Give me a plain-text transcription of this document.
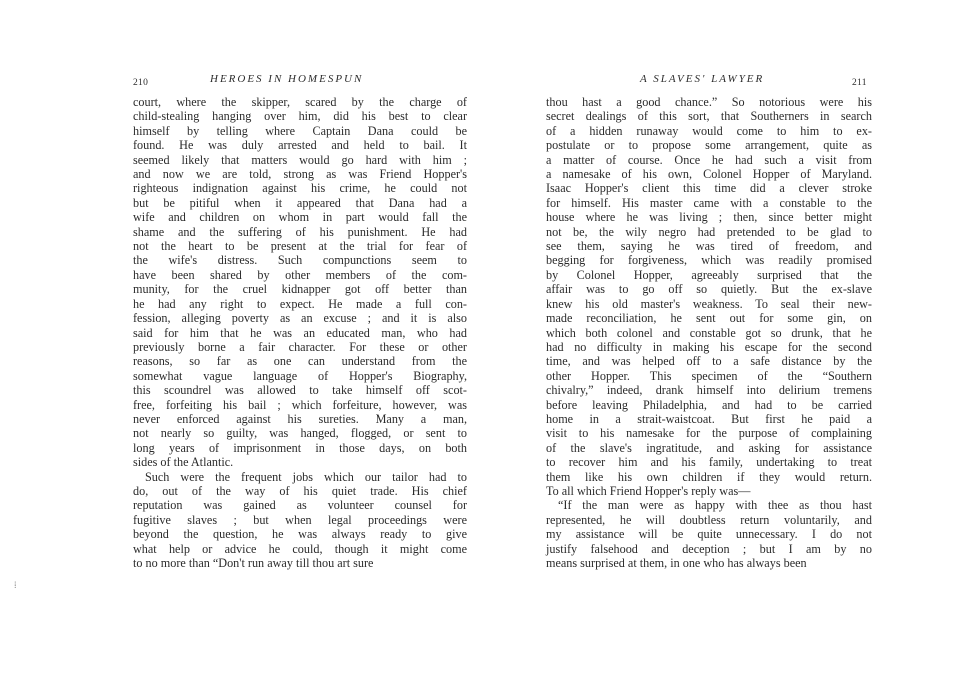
210	HEROES IN HOMESPUN
court, where the skipper, scared by the charge of
child-stealing hanging over him, did his best to clear
himself by telling where Captain Dana could be
found. He was duly arrested and held to bail. It
seemed likely that matters would go hard with him ;
and now we are told, strong as was Friend Hopper's
righteous indignation against his crime, he could not
but be pitiful when it appeared that Dana had a
wife and children on whom in part would fall the
shame and the suffering of his punishment. He had
not the heart to be present at the trial for fear of
the wife's distress. Such compunctions seem to
have been shared by other members of the com-
munity, for the cruel kidnapper got off better than
he had any right to expect. He made a full con-
fession, alleging poverty as an excuse ; and it is also
said for him that he was an educated man, who had
previously borne a fair character. For these or other
reasons, so far as one can understand from the
somewhat vague language of Hopper's Biography,
this scoundrel was allowed to take himself off scot-
free, forfeiting his bail ; which forfeiture, however, was
never enforced against his sureties. Many a man,
not nearly so guilty, was hanged, flogged, or sent to
long years of imprisonment in those days, on both
sides of the Atlantic.
Such were the frequent jobs which our tailor had to
do, out of the way of his quiet trade. His chief
reputation was gained as volunteer counsel for
fugitive slaves ; but when legal proceedings were
beyond the question, he was always ready to give
what help or advice he could, though it might come
to no more than “Don't run away till thou art sure
⁞
A SLAVES' LAWYER	211
thou hast a good chance.” So notorious were his
secret dealings of this sort, that Southerners in search
of a hidden runaway would come to him to ex-
postulate or to propose some arrangement, quite as
a matter of course. Once he had such a visit from
a namesake of his own, Colonel Hopper of Maryland.
Isaac Hopper's client this time did a clever stroke
for himself. His master came with a constable to the
house where he was living ; then, since better might
not be, the wily negro had pretended to be glad to
see them, saying he was tired of freedom, and
begging for forgiveness, which was readily promised
by Colonel Hopper, agreeably surprised that the
affair was to go off so quietly. But the ex-slave
knew his old master's weakness. To seal their new-
made reconciliation, he sent out for some gin, on
which both colonel and constable got so drunk, that he
had no difficulty in making his escape for the second
time, and was helped off to a safe distance by the
other Hopper. This specimen of the “Southern
chivalry,” indeed, drank himself into delirium tremens
before leaving Philadelphia, and had to be carried
home in a strait-waistcoat. But first he paid a
visit to his namesake for the purpose of complaining
of the slave's ingratitude, and asking for assistance
to recover him and his family, undertaking to treat
them like his own children if they would return.
To all which Friend Hopper's reply was—
“If the man were as happy with thee as thou hast
represented, he will doubtless return voluntarily, and
my assistance will be quite unnecessary. I do not
justify falsehood and deception ; but I am by no
means surprised at them, in one who has always been
